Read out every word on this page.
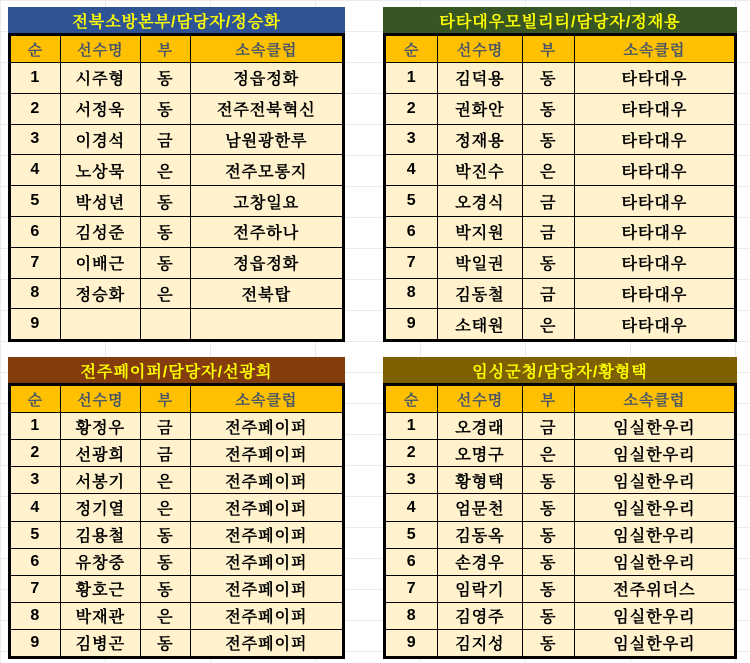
전북소방본부/담당자/정승화
순	선수명	부	소속클럽
1	시주형	동	정읍정화
2	서정욱	동	전주전북혁신
3	이경석	금	남원광한루
4	노상묵	은	전주모롱지
5	박성년	동	고창일요
6	김성준	동	전주하나
7	이배근	동	정읍정화
8	정승화	은	전북탑
9			
타타대우모빌리티/담당자/정재용
순	선수명	부	소속클럽
1	김덕용	동	타타대우
2	권화안	동	타타대우
3	정재용	동	타타대우
4	박진수	은	타타대우
5	오경식	금	타타대우
6	박지원	금	타타대우
7	박일권	동	타타대우
8	김동철	금	타타대우
9	소태원	은	타타대우
전주페이퍼/담당자/선광희
순	선수명	부	소속클럽
1	황정우	금	전주페이퍼
2	선광희	금	전주페이퍼
3	서봉기	은	전주페이퍼
4	정기열	은	전주페이퍼
5	김용철	동	전주페이퍼
6	유창중	동	전주페이퍼
7	황호근	동	전주페이퍼
8	박재관	은	전주페이퍼
9	김병곤	동	전주페이퍼
임싱군청/담당자/황형택
순	선수명	부	소속클럽
1	오경래	금	임실한우리
2	오명구	은	임실한우리
3	황형택	동	임실한우리
4	엄문천	동	임실한우리
5	김동옥	동	임실한우리
6	손경우	동	임실한우리
7	임락기	동	전주위더스
8	김영주	동	임실한우리
9	김지성	동	임실한우리
